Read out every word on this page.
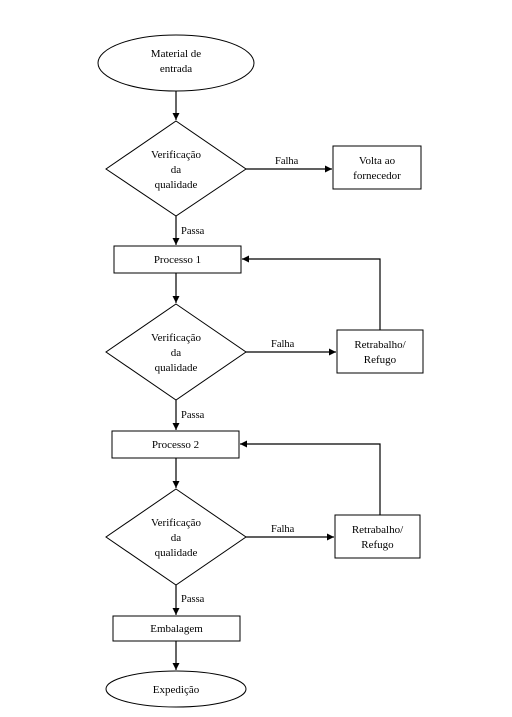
Material de
entrada
Verificação
da
qualidade
Volta ao
fornecedor
Processo 1
Verificação
da
qualidade
Retrabalho/
Refugo
Processo 2
Verificação
da
qualidade
Retrabalho/
Refugo
Embalagem
Expedição
Falha
Passa
Falha
Passa
Falha
Passa
